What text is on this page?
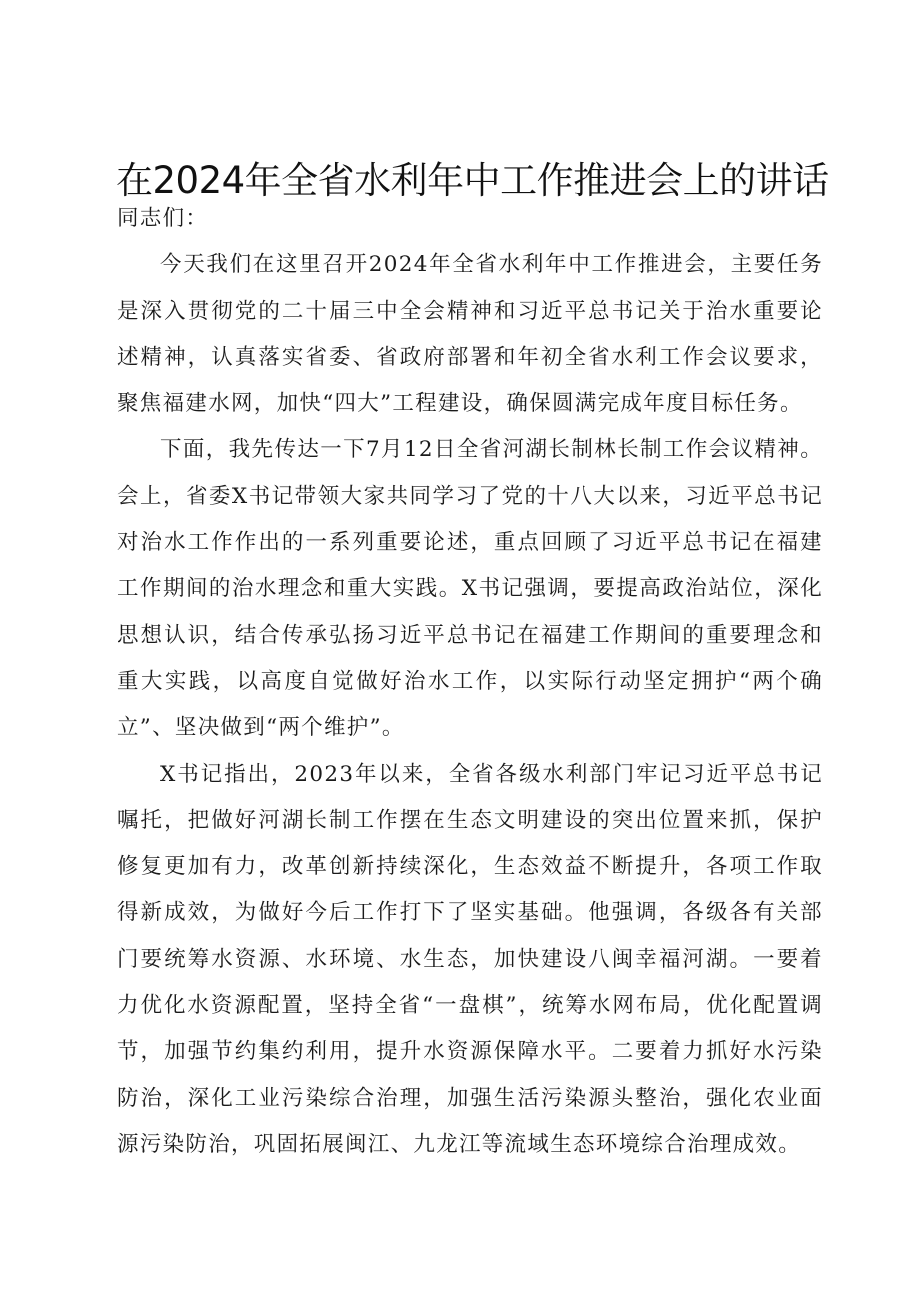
在2024年全省水利年中工作推进会上的讲话

同志们：

今天我们在这里召开2024年全省水利年中工作推进会，主要任务是深入贯彻党的二十届三中全会精神和习近平总书记关于治水重要论述精神，认真落实省委、省政府部署和年初全省水利工作会议要求，聚焦福建水网，加快“四大”工程建设，确保圆满完成年度目标任务。

下面，我先传达一下7月12日全省河湖长制林长制工作会议精神。会上，省委X书记带领大家共同学习了党的十八大以来，习近平总书记对治水工作作出的一系列重要论述，重点回顾了习近平总书记在福建工作期间的治水理念和重大实践。X书记强调，要提高政治站位，深化思想认识，结合传承弘扬习近平总书记在福建工作期间的重要理念和重大实践，以高度自觉做好治水工作，以实际行动坚定拥护“两个确立”、坚决做到“两个维护”。

X书记指出，2023年以来，全省各级水利部门牢记习近平总书记嘱托，把做好河湖长制工作摆在生态文明建设的突出位置来抓，保护修复更加有力，改革创新持续深化，生态效益不断提升，各项工作取得新成效，为做好今后工作打下了坚实基础。他强调，各级各有关部门要统筹水资源、水环境、水生态，加快建设八闽幸福河湖。一要着力优化水资源配置，坚持全省“一盘棋”，统筹水网布局，优化配置调节，加强节约集约利用，提升水资源保障水平。二要着力抓好水污染防治，深化工业污染综合治理，加强生活污染源头整治，强化农业面源污染防治，巩固拓展闽江、九龙江等流域生态环境综合治理成效。
